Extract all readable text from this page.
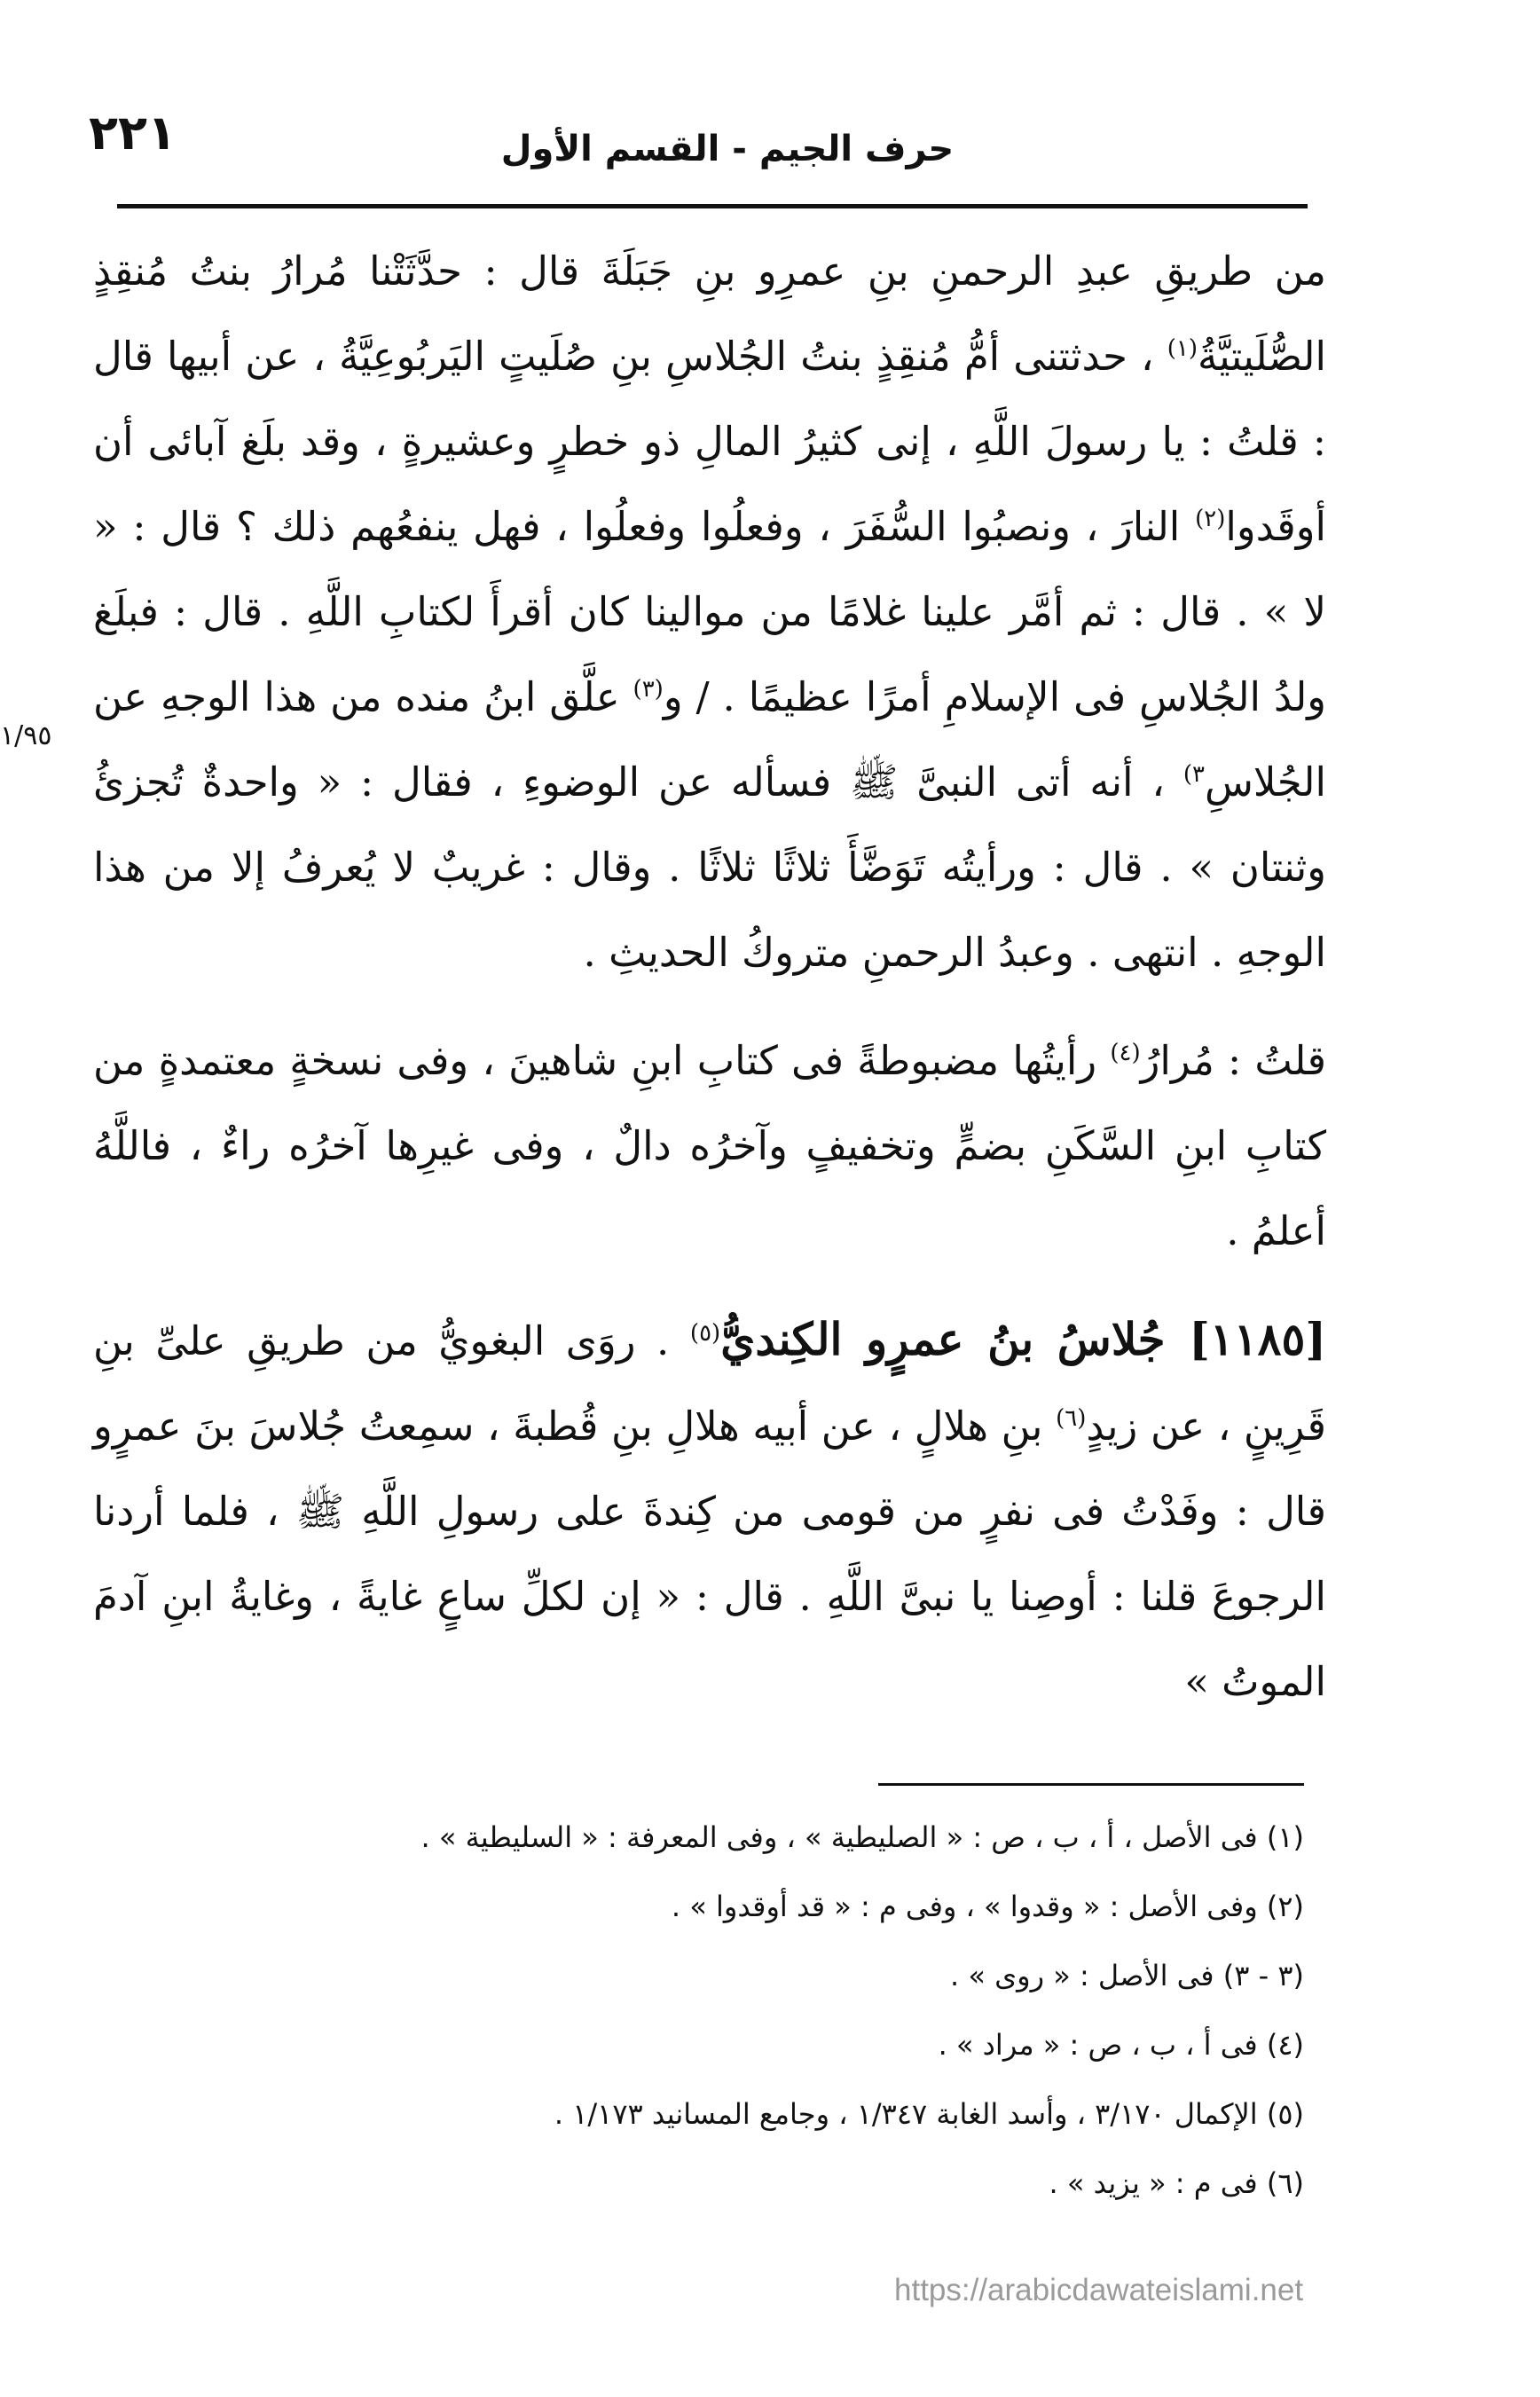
٢٢١	حرف الجيم - القسم الأول

من طريقِ عبدِ الرحمنِ بنِ عمرِو بنِ جَبَلَةَ قال : حدَّثَتْنا مُرارُ بنتُ مُنقِذٍ الصُّلَيتيَّةُ$^{(١)}$ ، حدثتنى أمُّ مُنقِذٍ بنتُ الجُلاسِ بنِ صُلَيتٍ اليَربُوعِيَّةُ ، عن أبيها قال : قلتُ : يا رسولَ اللَّهِ ، إنى كثيرُ المالِ ذو خطرٍ وعشيرةٍ ، وقد بلَغ آبائى أن أوقَدوا$^{(٢)}$ النارَ ، ونصبُوا السُّفَرَ ، وفعلُوا وفعلُوا ، فهل ينفعُهم ذلك ؟ قال : « لا » . قال : ثم أمَّر علينا غلامًا من موالينا كان أقرأَ لكتابِ اللَّهِ . قال : فبلَغ ولدُ الجُلاسِ فى الإسلامِ أمرًا عظيمًا . / و$^{(٣)}$ علَّق ابنُ منده من هذا الوجهِ عن الجُلاسِ$^{٣)}$ ، أنه أتى النبىَّ ﷺ فسأله عن الوضوءِ ، فقال : « واحدةٌ تُجزئُ وثنتان » . قال : ورأيتُه تَوَضَّأَ ثلاثًا ثلاثًا . وقال : غريبٌ لا يُعرفُ إلا من هذا الوجهِ . انتهى . وعبدُ الرحمنِ متروكُ الحديثِ .

قلتُ : مُرارُ$^{(٤)}$ رأيتُها مضبوطةً فى كتابِ ابنِ شاهينَ ، وفى نسخةٍ معتمدةٍ من كتابِ ابنِ السَّكَنِ بضمٍّ وتخفيفٍ وآخرُه دالٌ ، وفى غيرِها آخرُه راءٌ ، فاللَّهُ أعلمُ .

[١١٨٥] جُلاسُ بنُ عمرٍو الكِنديُّ$^{(٥)}$ . روَى البغويُّ من طريقِ علىِّ بنِ قَرِينٍ ، عن زيدٍ$^{(٦)}$ بنِ هلالٍ ، عن أبيه هلالِ بنِ قُطبةَ ، سمِعتُ جُلاسَ بنَ عمرٍو قال : وفَدْتُ فى نفرٍ من قومى من كِندةَ على رسولِ اللَّهِ ﷺ ، فلما أردنا الرجوعَ قلنا : أوصِنا يا نبىَّ اللَّهِ . قال : « إن لكلِّ ساعٍ غايةً ، وغايةُ ابنِ آدمَ الموتُ »

١/٩٥
(١) فى الأصل ، أ ، ب ، ص : « الصليطية » ، وفى المعرفة : « السليطية » .
(٢) وفى الأصل : « وقدوا » ، وفى م : « قد أوقدوا » .
(٣ - ٣) فى الأصل : « روى » .
(٤) فى أ ، ب ، ص : « مراد » .
(٥) الإكمال ٣/١٧٠ ، وأسد الغابة ١/٣٤٧ ، وجامع المسانيد ١/١٧٣ .
(٦) فى م : « يزيد » .
https://arabicdawateislami.net
